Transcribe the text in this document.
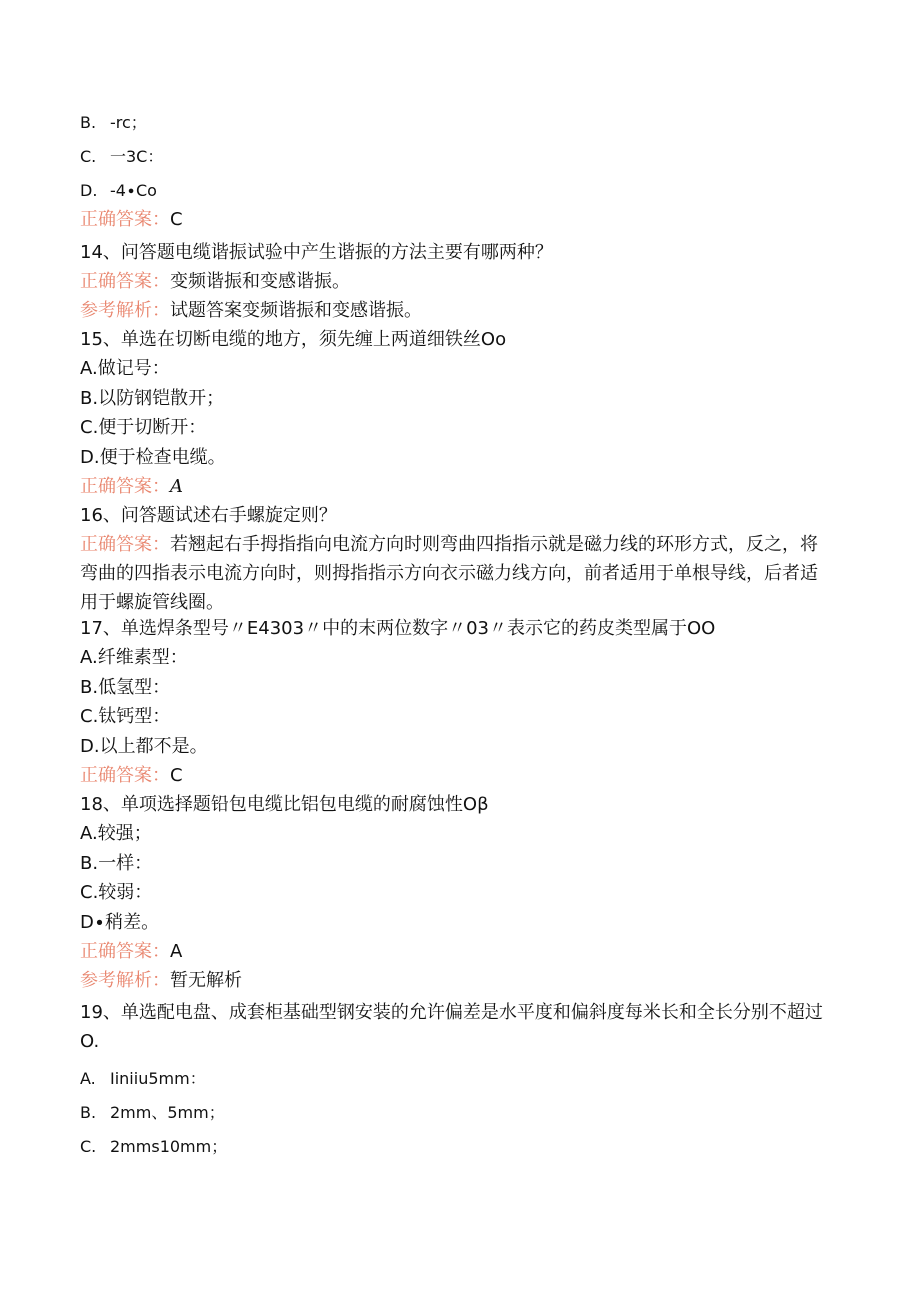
B. -rc；
C. 一3C：
D. -4∙Co
正确答案：C
14、问答题电缆谐振试验中产生谐振的方法主要有哪两种？
正确答案：变频谐振和变感谐振。
参考解析：试题答案变频谐振和变感谐振。
15、单选在切断电缆的地方，须先缠上两道细铁丝Oo
A.做记号：
B.以防钢铠散开；
C.便于切断开：
D.便于检查电缆。
正确答案：A
16、问答题试述右手螺旋定则？
正确答案：若翘起右手拇指指向电流方向时则弯曲四指指示就是磁力线的环形方式，反之，将弯曲的四指表示电流方向时，则拇指指示方向衣示磁力线方向，前者适用于单根导线，后者适用于螺旋管线圈。
17、单选焊条型号〃E4303〃中的末两位数字〃03〃表示它的药皮类型属于OO
A.纤维素型：
B.低氢型：
C.钛钙型：
D.以上都不是。
正确答案：C
18、单项选择题铅包电缆比铝包电缆的耐腐蚀性Oβ
A.较强；
B.一样：
C.较弱：
D∙稍差。
正确答案：A
参考解析：暂无解析
19、单选配电盘、成套柜基础型钢安装的允许偏差是水平度和偏斜度每米长和全长分别不超过O.
A. Iiniiu5mm：
B. 2mm、5mm；
C. 2mms10mm；
